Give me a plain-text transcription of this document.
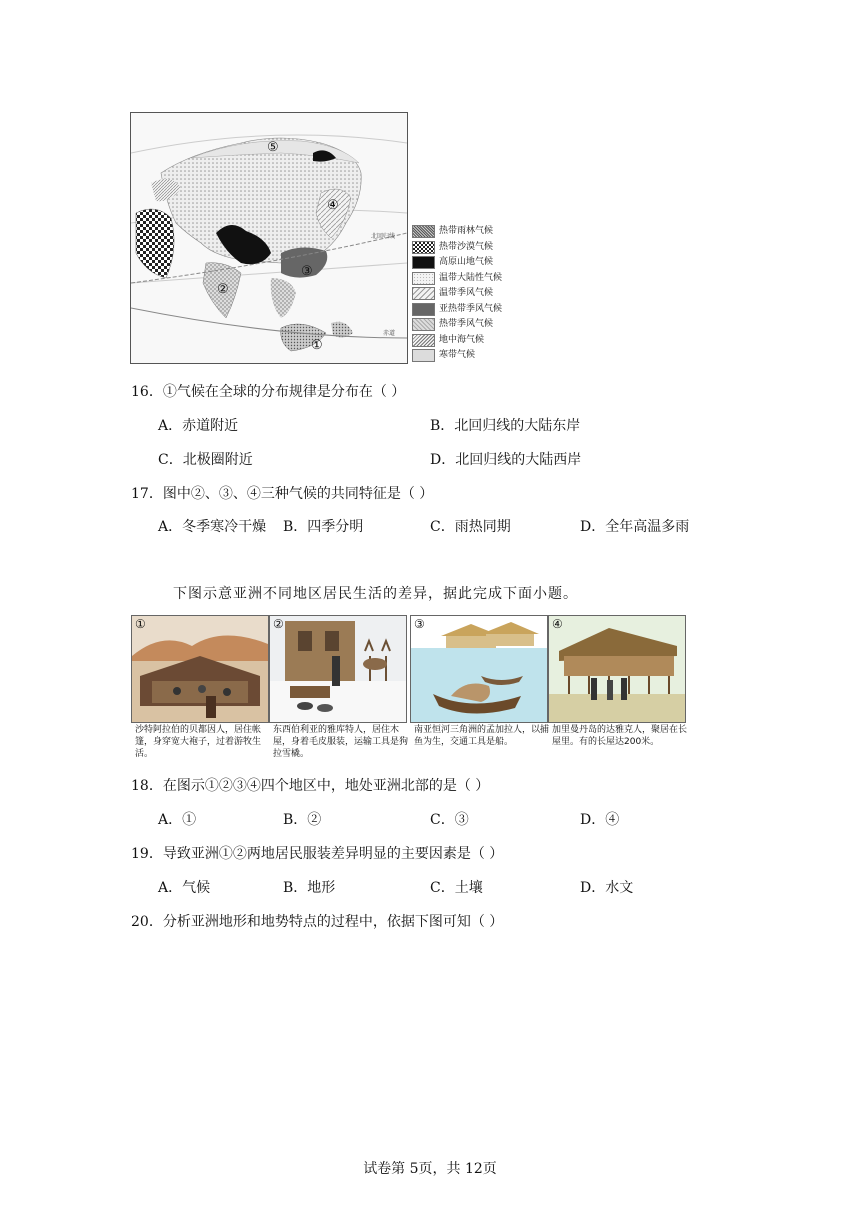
北回归线
赤道
⑤
④
③
②
①
热带雨林气候
热带沙漠气候
高原山地气候
温带大陆性气候
温带季风气候
亚热带季风气候
热带季风气候
地中海气候
寒带气候
16．①气候在全球的分布规律是分布在（ ）
A．赤道附近	B．北回归线的大陆东岸
C．北极圈附近	D．北回归线的大陆西岸
17．图中②、③、④三种气候的共同特征是（ ）
A．冬季寒冷干燥 B．四季分明	C．雨热同期	D．全年高温多雨
下图示意亚洲不同地区居民生活的差异，据此完成下面小题。
①	②	③	④
沙特阿拉伯的贝都因人，居住帐篷，身穿宽大袍子，过着游牧生活。
东西伯利亚的雅库特人，居住木屋，身着毛皮服装，运输工具是狗拉雪橇。
南亚恒河三角洲的孟加拉人，以捕鱼为生，交通工具是船。
加里曼丹岛的达雅克人，聚居在长屋里。有的长屋达200米。
18．在图示①②③④四个地区中，地处亚洲北部的是（ ）
A．①	B．②	C．③	D．④
19．导致亚洲①②两地居民服装差异明显的主要因素是（ ）
A．气候	B．地形	C．土壤	D．水文
20．分析亚洲地形和地势特点的过程中，依据下图可知（ ）
试卷第 5页，共 12页
